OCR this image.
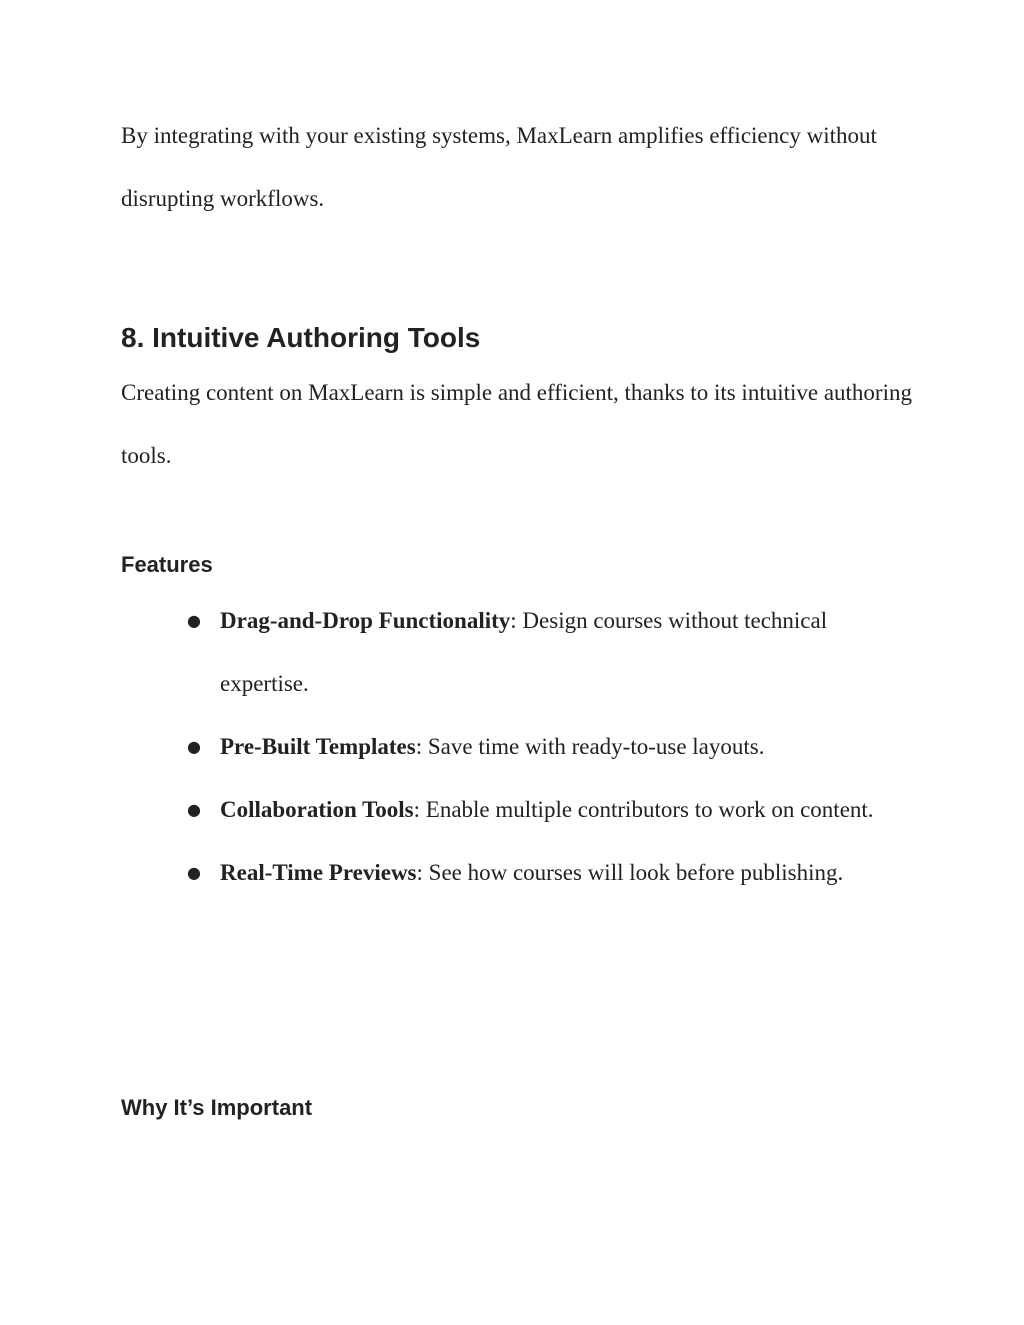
By integrating with your existing systems, MaxLearn amplifies efficiency without disrupting workflows.

8. Intuitive Authoring Tools

Creating content on MaxLearn is simple and efficient, thanks to its intuitive authoring tools.

Features
● Drag-and-Drop Functionality: Design courses without technical expertise.
● Pre-Built Templates: Save time with ready-to-use layouts.
● Collaboration Tools: Enable multiple contributors to work on content.
● Real-Time Previews: See how courses will look before publishing.
Why It’s Important
